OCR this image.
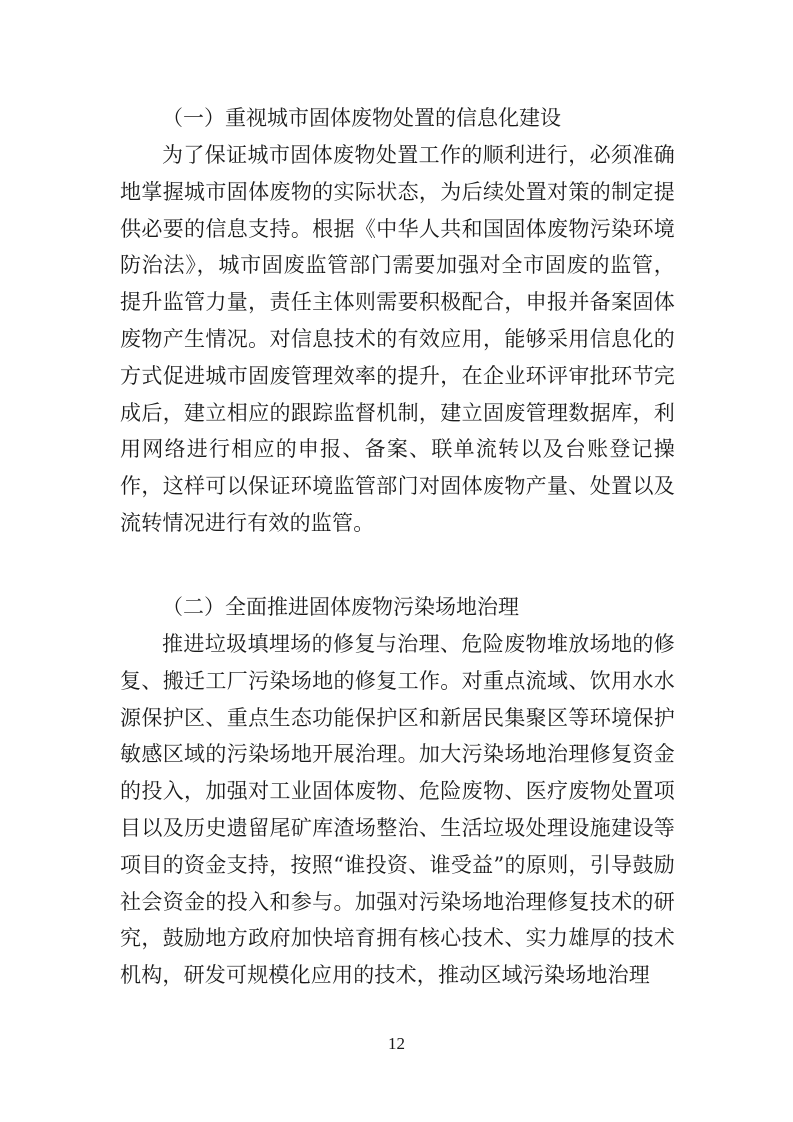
（一）重视城市固体废物处置的信息化建设

为了保证城市固体废物处置工作的顺利进行，必须准确地掌握城市固体废物的实际状态，为后续处置对策的制定提供必要的信息支持。根据《中华人共和国固体废物污染环境防治法》，城市固废监管部门需要加强对全市固废的监管，提升监管力量，责任主体则需要积极配合，申报并备案固体废物产生情况。对信息技术的有效应用，能够采用信息化的方式促进城市固废管理效率的提升，在企业环评审批环节完成后，建立相应的跟踪监督机制，建立固废管理数据库，利用网络进行相应的申报、备案、联单流转以及台账登记操作，这样可以保证环境监管部门对固体废物产量、处置以及流转情况进行有效的监管。

（二）全面推进固体废物污染场地治理

推进垃圾填埋场的修复与治理、危险废物堆放场地的修复、搬迁工厂污染场地的修复工作。对重点流域、饮用水水源保护区、重点生态功能保护区和新居民集聚区等环境保护敏感区域的污染场地开展治理。加大污染场地治理修复资金的投入，加强对工业固体废物、危险废物、医疗废物处置项目以及历史遗留尾矿库渣场整治、生活垃圾处理设施建设等项目的资金支持，按照“谁投资、谁受益”的原则，引导鼓励社会资金的投入和参与。加强对污染场地治理修复技术的研究，鼓励地方政府加快培育拥有核心技术、实力雄厚的技术机构，研发可规模化应用的技术，推动区域污染场地治理

12
